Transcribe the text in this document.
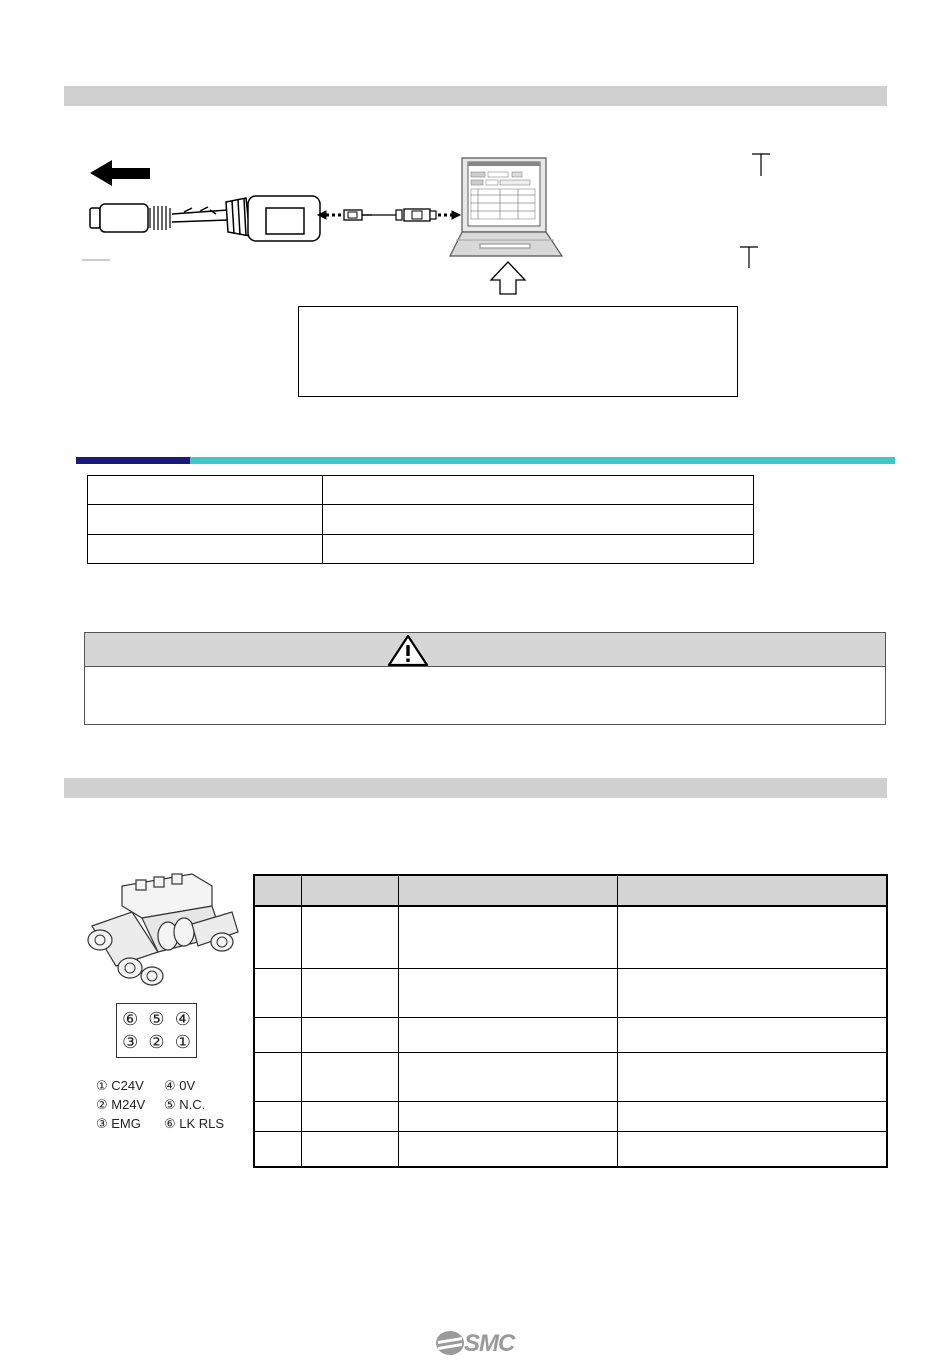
⑥ ⑤ ④
③ ② ①
① C24V ④ 0V
② M24V ⑤ N.C.
③ EMG ⑥ LK RLS

SMC
